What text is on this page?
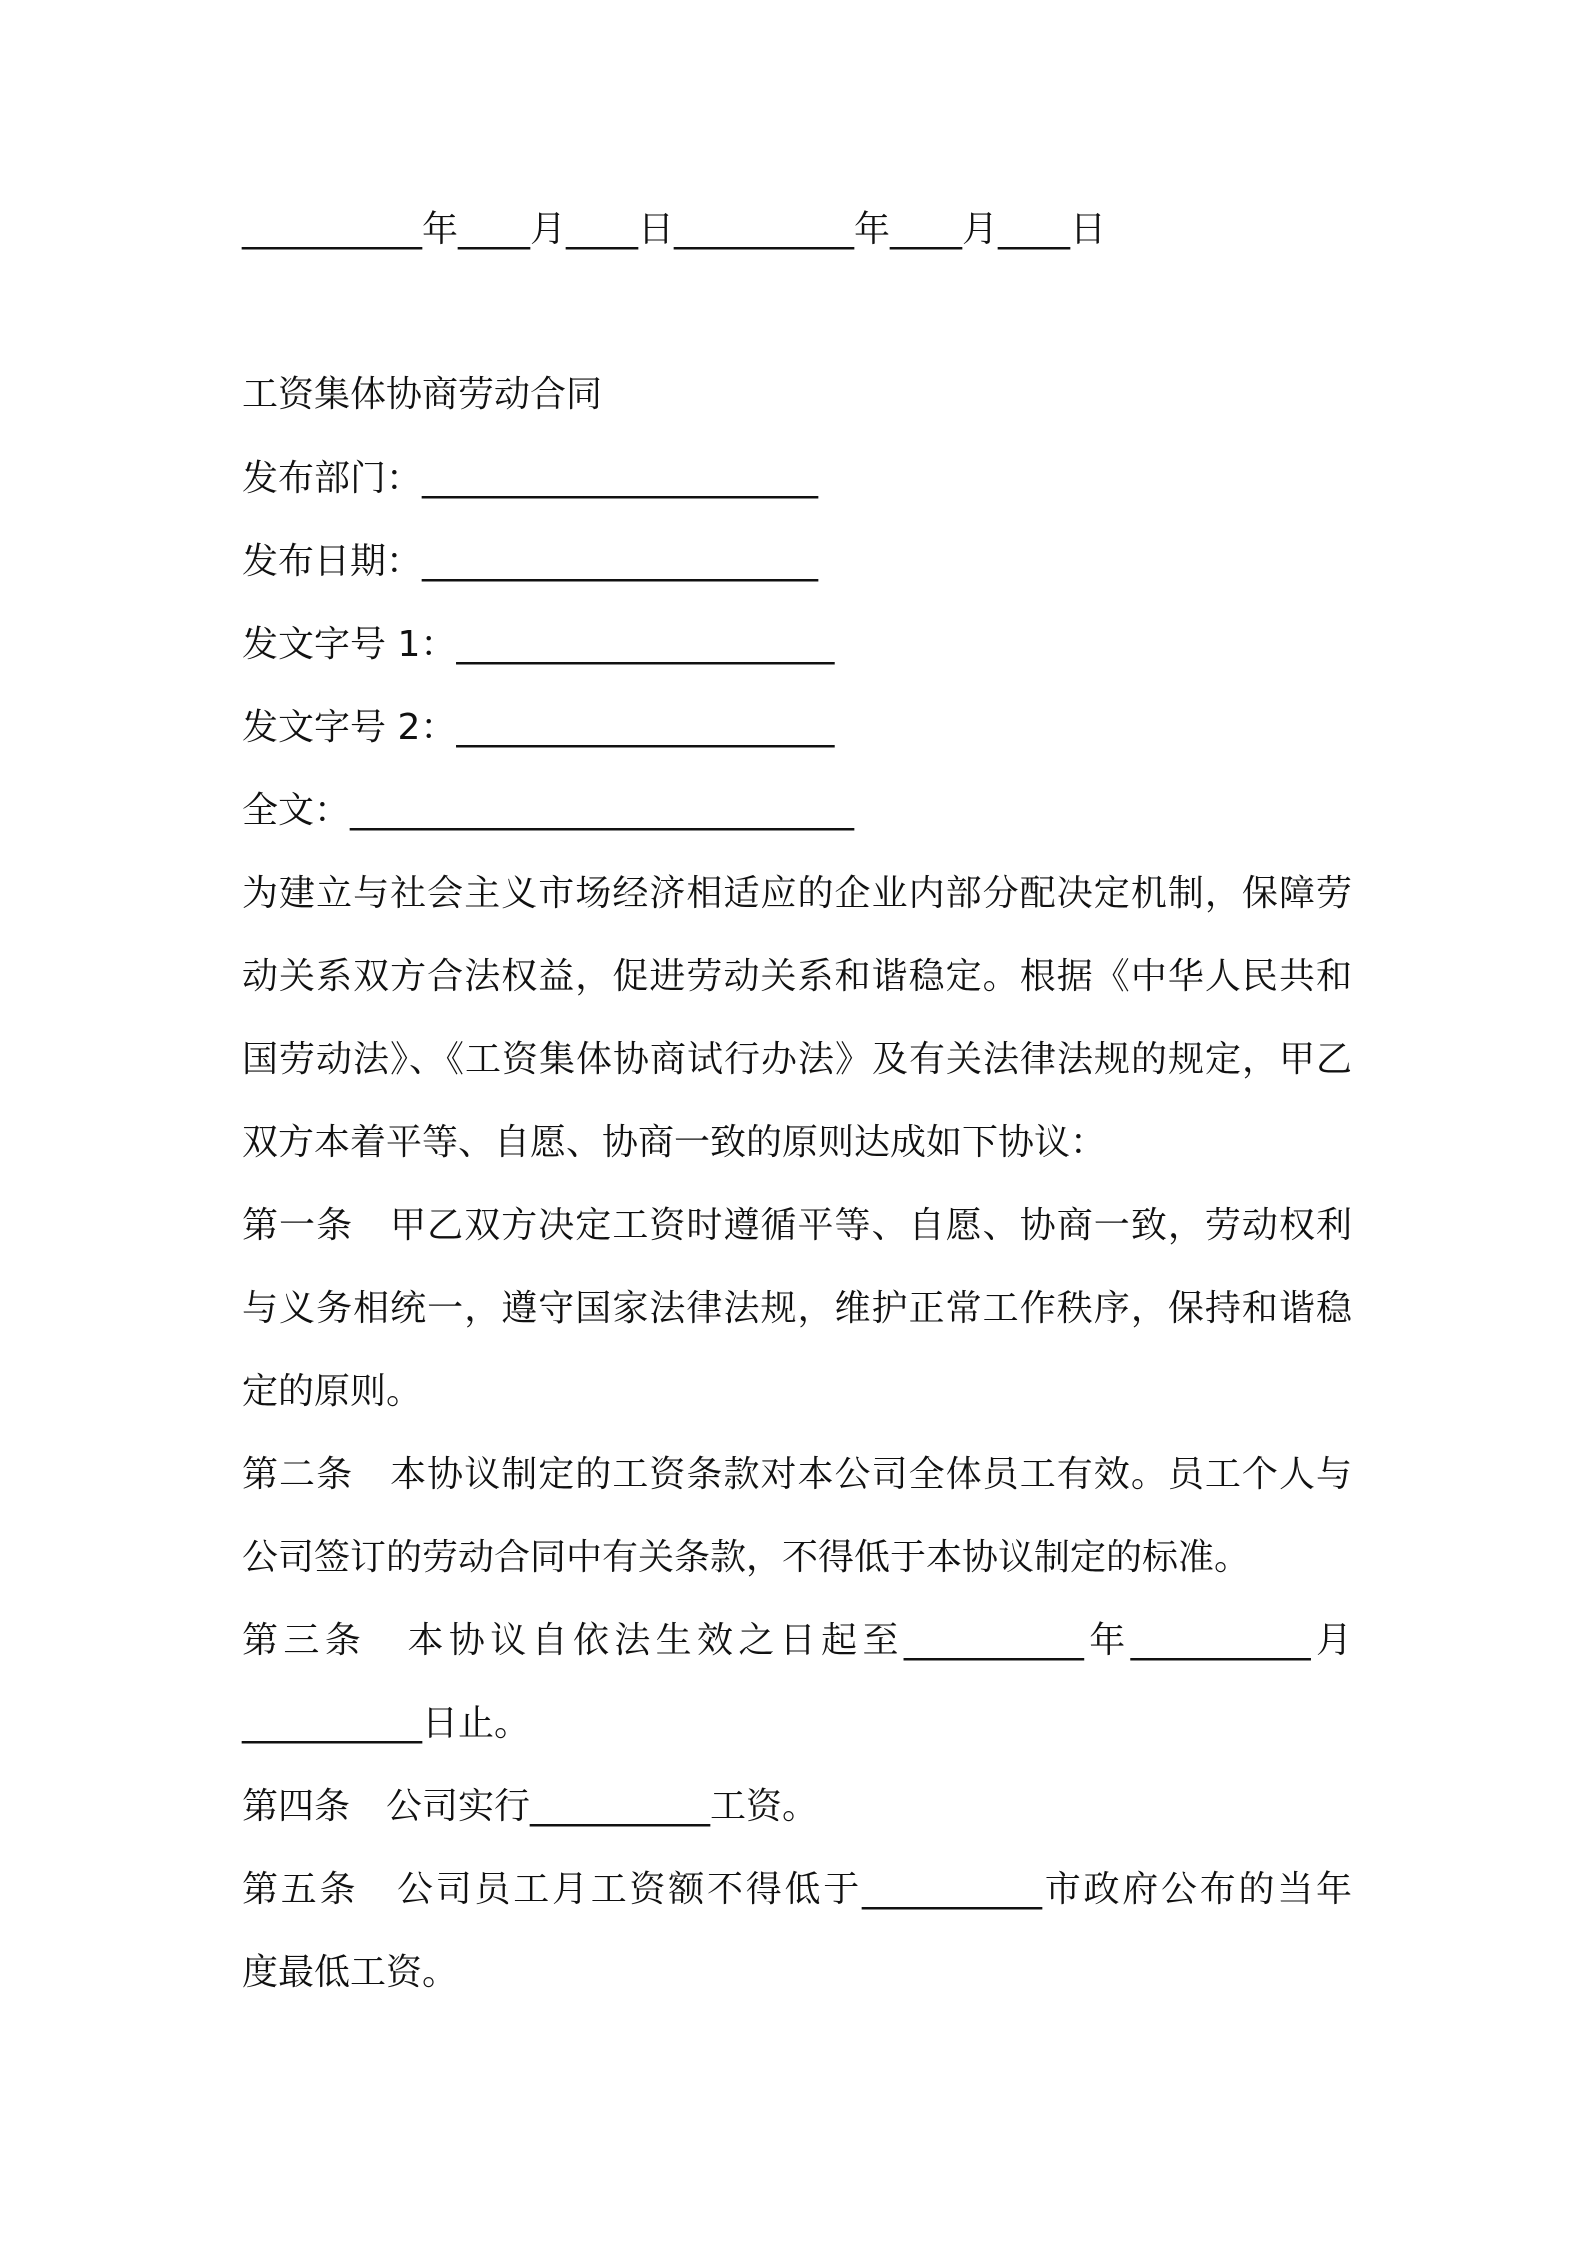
__________年____月____日__________年____月____日
工资集体协商劳动合同
发布部门：______________________
发布日期：______________________
发文字号 1：_____________________
发文字号 2：_____________________
全文：____________________________
为建立与社会主义市场经济相适应的企业内部分配决定机制，保障劳
动关系双方合法权益，促进劳动关系和谐稳定。根据《中华人民共和
国劳动法》、《工资集体协商试行办法》及有关法律法规的规定，甲乙
双方本着平等、自愿、协商一致的原则达成如下协议：
第一条　甲乙双方决定工资时遵循平等、自愿、协商一致，劳动权利
与义务相统一，遵守国家法律法规，维护正常工作秩序，保持和谐稳
定的原则。
第二条　本协议制定的工资条款对本公司全体员工有效。员工个人与
公司签订的劳动合同中有关条款，不得低于本协议制定的标准。
第三条　本协议自依法生效之日起至__________年__________月
__________日止。
第四条　公司实行__________工资。
第五条　公司员工月工资额不得低于__________市政府公布的当年
度最低工资。
